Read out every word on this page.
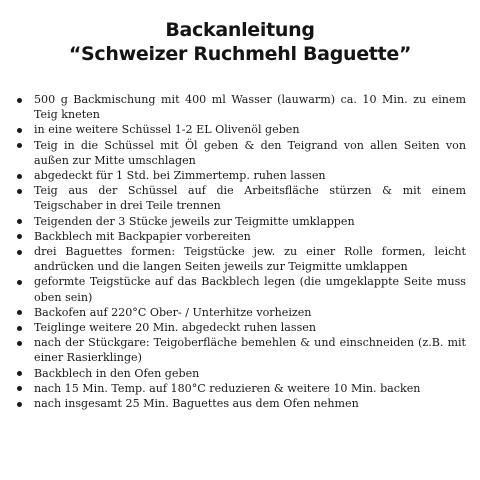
Backanleitung
“Schweizer Ruchmehl Baguette”
500 g Backmischung mit 400 ml Wasser (lauwarm) ca. 10 Min. zu einem Teig kneten
in eine weitere Schüssel 1-2 EL Olivenöl geben
Teig in die Schüssel mit Öl geben & den Teigrand von allen Seiten von außen zur Mitte umschlagen
abgedeckt für 1 Std. bei Zimmertemp. ruhen lassen
Teig aus der Schüssel auf die Arbeitsfläche stürzen & mit einem Teigschaber in drei Teile trennen
Teigenden der 3 Stücke jeweils zur Teigmitte umklappen
Backblech mit Backpapier vorbereiten
drei Baguettes formen: Teigstücke jew. zu einer Rolle formen, leicht andrücken und die langen Seiten jeweils zur Teigmitte umklappen
geformte Teigstücke auf das Backblech legen (die umgeklappte Seite muss oben sein)
Backofen auf 220°C Ober- / Unterhitze vorheizen
Teiglinge weitere 20 Min. abgedeckt ruhen lassen
nach der Stückgare: Teigoberfläche bemehlen & und einschneiden (z.B. mit einer Rasierklinge)
Backblech in den Ofen geben
nach 15 Min. Temp. auf 180°C reduzieren & weitere 10 Min. backen
nach insgesamt 25 Min. Baguettes aus dem Ofen nehmen
